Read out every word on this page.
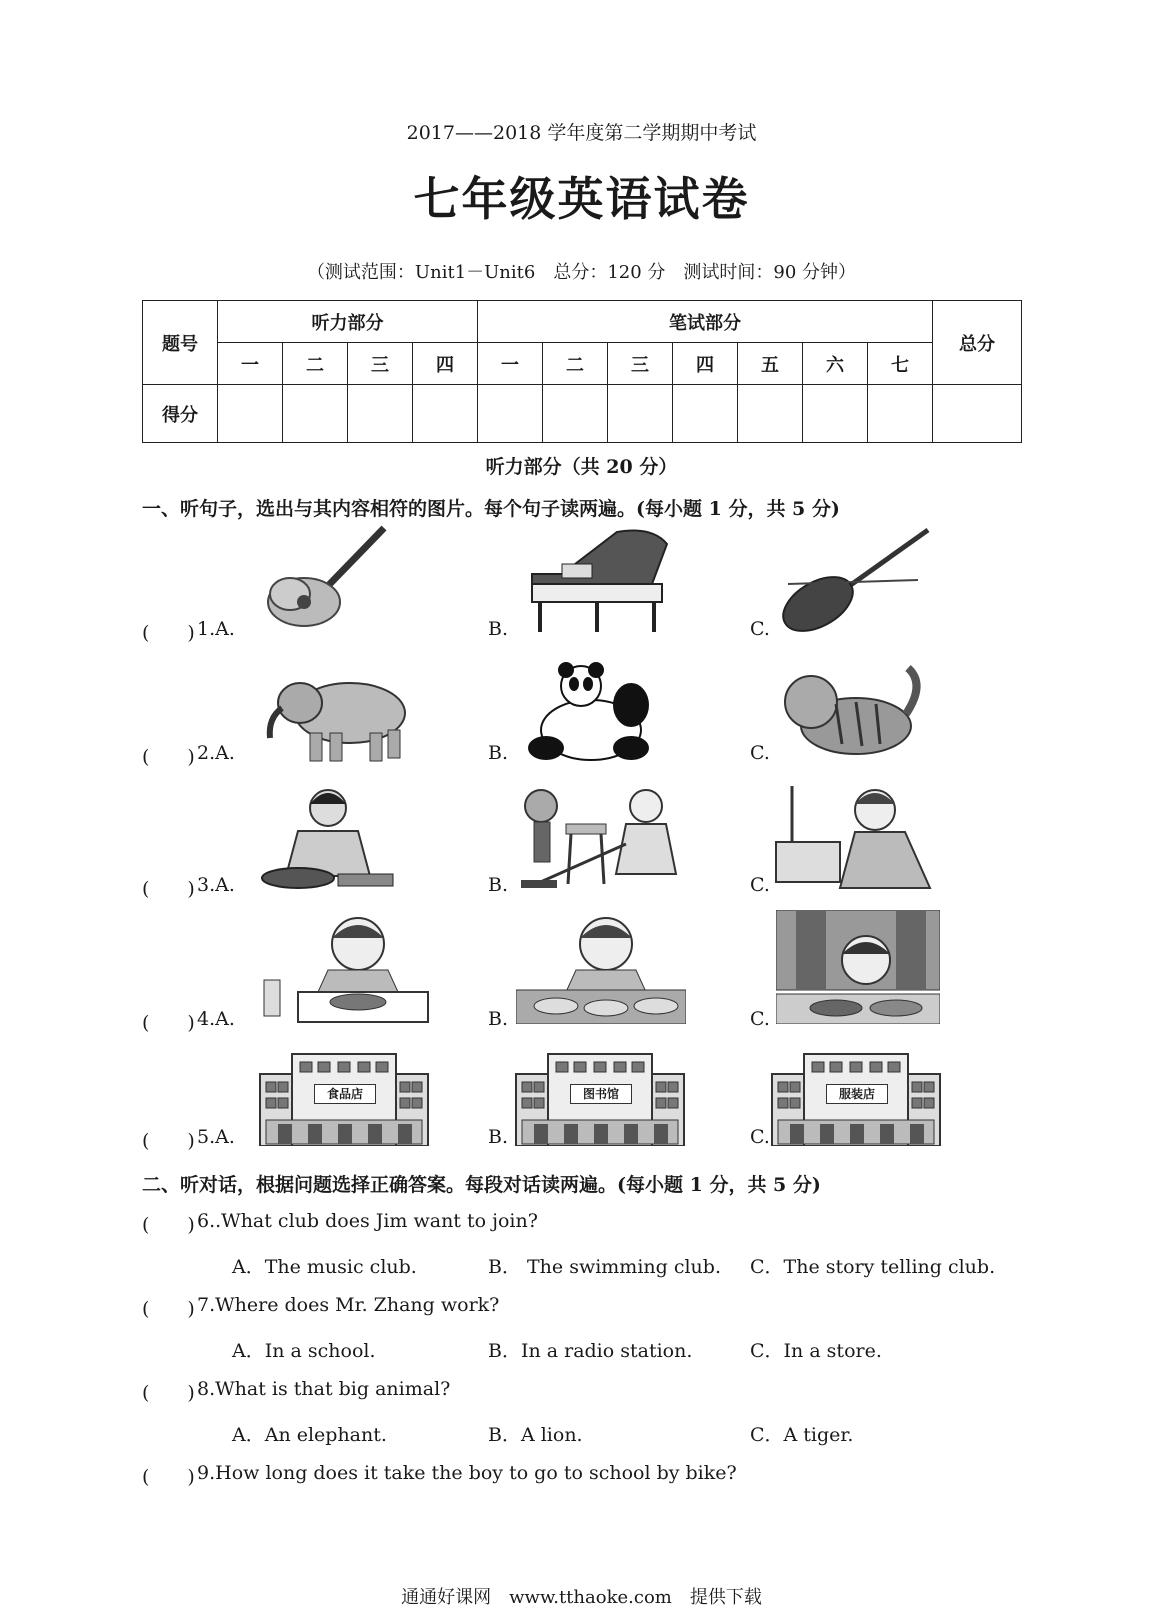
2017——2018 学年度第二学期期中考试
七年级英语试卷
（测试范围：Unit1－Unit6　总分：120 分　测试时间：90 分钟）
题号	听力部分				笔试部分							总分
	一	二	三	四	一	二	三	四	五	六	七	
得分												
听力部分（共 20 分）
一、听句子，选出与其内容相符的图片。每个句子读两遍。(每小题 1 分，共 5 分)
(　　) 1.A.	B.	C.
(　　) 2.A.	B.	C.
(　　) 3.A.	B.	C.
(　　) 4.A.	B.	C.
(　　) 5.A.	B.	C.
食品店	图书馆	服装店
二、听对话，根据问题选择正确答案。每段对话读两遍。(每小题 1 分，共 5 分)
(　　) 6..What club does Jim want to join?
A．The music club.	B． The swimming club. C．The story telling club.
(　　) 7.Where does Mr. Zhang work?
A．In a school.	B．In a radio station.	C．In a store.
(　　) 8.What is that big animal?
A．An elephant.	B．A lion.	C．A tiger.
(　　) 9.How long does it take the boy to go to school by bike?
通通好课网　www.tthaoke.com　提供下载
